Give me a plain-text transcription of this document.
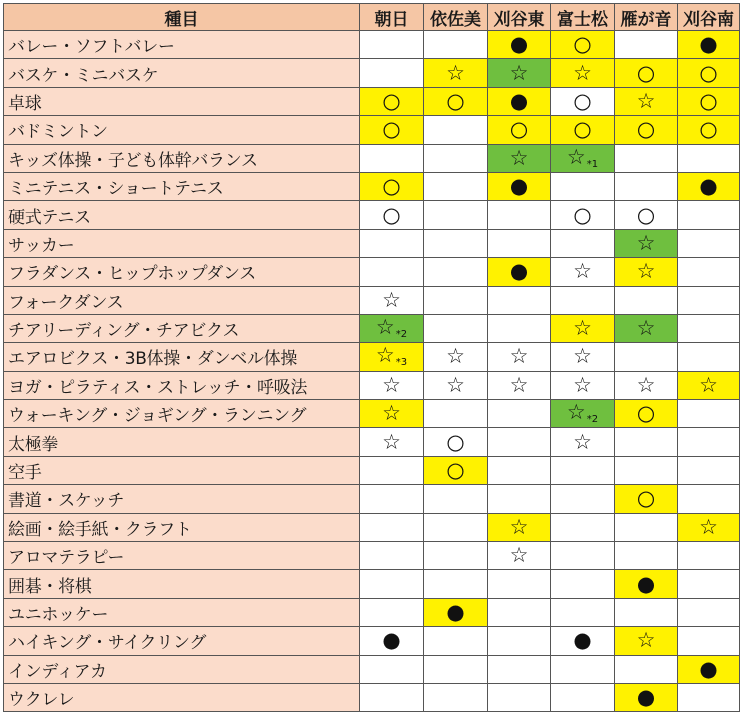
種目	朝日	依佐美	刈谷東	富士松	雁が音	刈谷南
バレー・ソフトバレー			●	○		●
バスケ・ミニバスケ		☆	☆	☆	○	○
卓球	○	○	●	○	☆	○
バドミントン	○		○	○	○	○
キッズ体操・子ども体幹バランス			☆	☆*1		
ミニテニス・ショートテニス	○		●			●
硬式テニス	○			○	○	
サッカー					☆	
フラダンス・ヒップホップダンス			●	☆	☆	
フォークダンス	☆					
チアリーディング・チアビクス	☆*2			☆	☆	
エアロビクス・3B体操・ダンベル体操	☆*3	☆	☆	☆		
ヨガ・ピラティス・ストレッチ・呼吸法	☆	☆	☆	☆	☆	☆
ウォーキング・ジョギング・ランニング	☆			☆*2	○	
太極拳	☆	○		☆		
空手		○				
書道・スケッチ					○	
絵画・絵手紙・クラフト			☆			☆
アロマテラピー			☆			
囲碁・将棋					●	
ユニホッケー		●				
ハイキング・サイクリング	●			●	☆	
インディアカ						●
ウクレレ					●	
